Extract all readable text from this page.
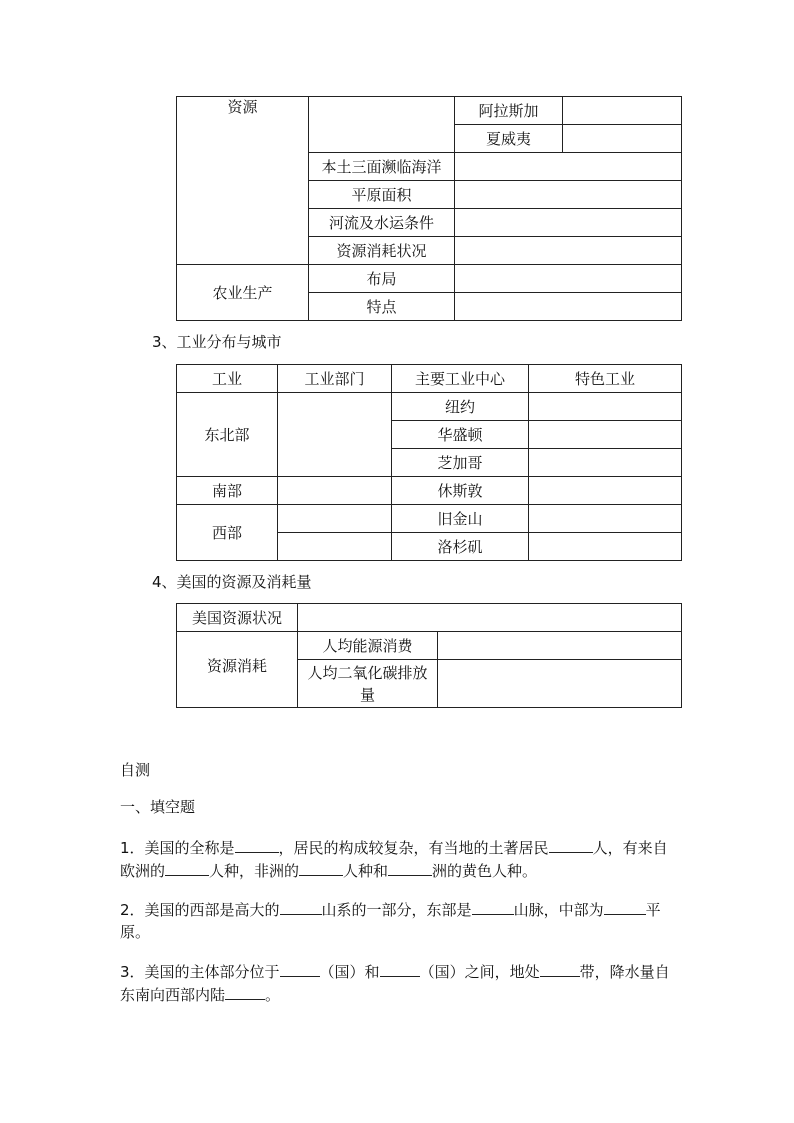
资源		阿拉斯加	
		夏威夷	
	本土三面濒临海洋		
	平原面积		
	河流及水运条件		
	资源消耗状况		
农业生产	布局		
	特点		
3、工业分布与城市
工业	工业部门	主要工业中心	特色工业
东北部		纽约	
		华盛顿	
		芝加哥	
南部		休斯敦	
西部		旧金山	
		洛杉矶	
4、美国的资源及消耗量
美国资源状况		
资源消耗	人均能源消费	
	人均二氧化碳排放量	
自测
一、填空题
1．美国的全称是	，居民的构成较复杂，有当地的土著居民	人，有来自欧洲的	人种，非洲的	人种和	洲的黄色人种。
2．美国的西部是高大的	山系的一部分，东部是	山脉，中部为	平原。
3．美国的主体部分位于	（国）和	（国）之间，地处	带，降水量自东南向西部内陆	。
